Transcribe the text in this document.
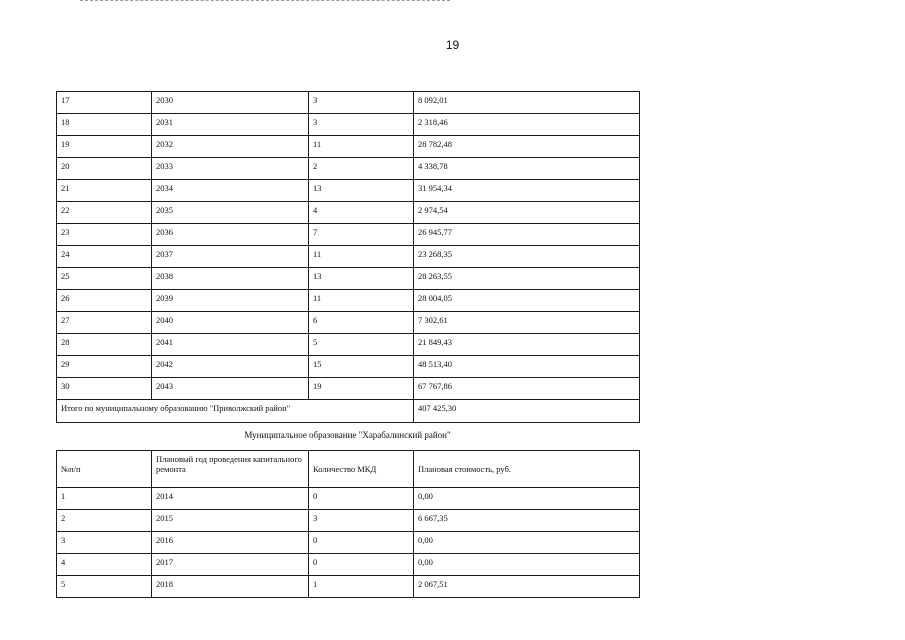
19
17	2030	3	8 092,01
18	2031	3	2 318,46
19	2032	11	28 782,48
20	2033	2	4 338,78
21	2034	13	31 954,34
22	2035	4	2 974,54
23	2036	7	26 945,77
24	2037	11	23 268,35
25	2038	13	28 263,55
26	2039	11	28 004,05
27	2040	6	7 302,61
28	2041	5	21 849,43
29	2042	15	48 513,40
30	2043	19	67 767,86
Итого по муниципальному образованию "Приволжский район"			407 425,30
Муниципальное образование "Харабалинский район"
№п/п	Плановый год проведения капитального ремонта	Количество МКД	Плановая стоимость, руб.
1	2014	0	0,00
2	2015	3	6 667,35
3	2016	0	0,00
4	2017	0	0,00
5	2018	1	2 067,51
